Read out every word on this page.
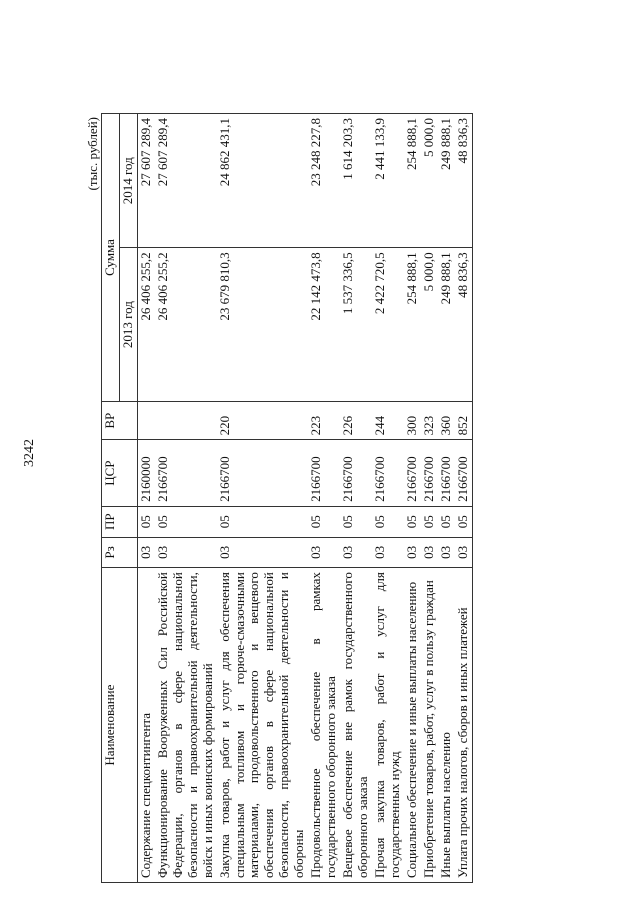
3242
(тыс. рублей)
Наименование	Рз	ПР	ЦСР	ВР	Сумма	
					2013 год	2014 год
Содержание спецконтингента	03	05	2160000		26 406 255,2	27 607 289,4
Функционирование Вооруженных Сил Российской Федерации, органов в сфере национальной безопасности и правоохранительной деятельности, войск и иных воинских формирований	03	05	2166700		26 406 255,2	27 607 289,4
Закупка товаров, работ и услуг для обеспечения специальным топливом и горюче-смазочными материалами, продовольственного и вещевого обеспечения органов в сфере национальной безопасности, правоохранительной деятельности и обороны	03	05	2166700	220	23 679 810,3	24 862 431,1
Продовольственное обеспечение в рамках государственного оборонного заказа	03	05	2166700	223	22 142 473,8	23 248 227,8
Вещевое обеспечение вне рамок государственного оборонного заказа	03	05	2166700	226	1 537 336,5	1 614 203,3
Прочая закупка товаров, работ и услуг для государственных нужд	03	05	2166700	244	2 422 720,5	2 441 133,9
Социальное обеспечение и иные выплаты населению	03	05	2166700	300	254 888,1	254 888,1
Приобретение товаров, работ, услуг в пользу граждан	03	05	2166700	323	5 000,0	5 000,0
Иные выплаты населению	03	05	2166700	360	249 888,1	249 888,1
Уплата прочих налогов, сборов и иных платежей	03	05	2166700	852	48 836,3	48 836,3
